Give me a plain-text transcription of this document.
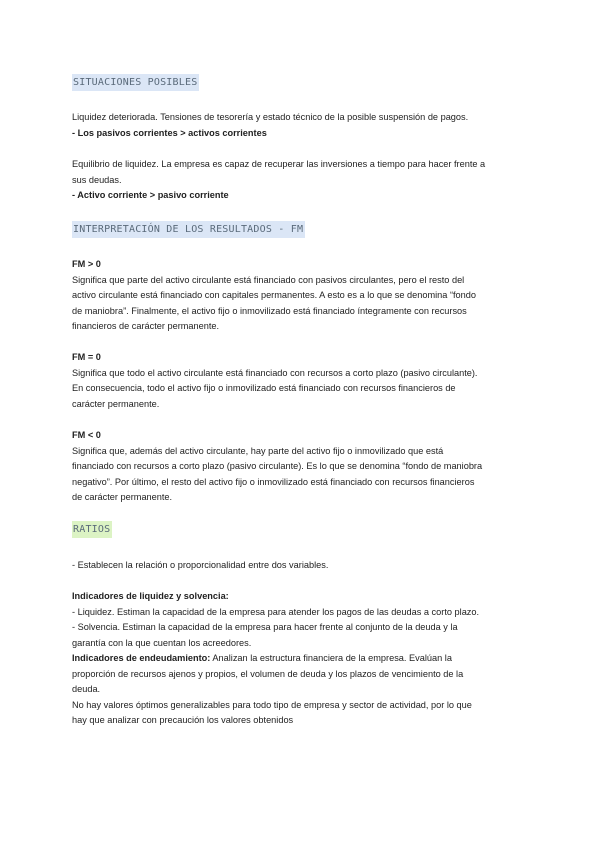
SITUACIONES POSIBLES

Liquidez deteriorada. Tensiones de tesorería y estado técnico de la posible suspensión de pagos.

- Los pasivos corrientes > activos corrientes

Equilibrio de liquidez. La empresa es capaz de recuperar las inversiones a tiempo para hacer frente a

sus deudas.

- Activo corriente > pasivo corriente

INTERPRETACIÓN DE LOS RESULTADOS - FM

FM > 0

Significa que parte del activo circulante está financiado con pasivos circulantes, pero el resto del

activo circulante está financiado con capitales permanentes. A esto es a lo que se denomina “fondo

de maniobra”. Finalmente, el activo fijo o inmovilizado está financiado íntegramente con recursos

financieros de carácter permanente.

FM = 0

Significa que todo el activo circulante está financiado con recursos a corto plazo (pasivo circulante).

En consecuencia, todo el activo fijo o inmovilizado está financiado con recursos financieros de

carácter permanente.

FM < 0

Significa que, además del activo circulante, hay parte del activo fijo o inmovilizado que está

financiado con recursos a corto plazo (pasivo circulante). Es lo que se denomina “fondo de maniobra

negativo”. Por último, el resto del activo fijo o inmovilizado está financiado con recursos financieros

de carácter permanente.

RATIOS

- Establecen la relación o proporcionalidad entre dos variables.

Indicadores de liquidez y solvencia:

- Liquidez. Estiman la capacidad de la empresa para atender los pagos de las deudas a corto plazo.

- Solvencia. Estiman la capacidad de la empresa para hacer frente al conjunto de la deuda y la

garantía con la que cuentan los acreedores.

Indicadores de endeudamiento: Analizan la estructura financiera de la empresa. Evalúan la

proporción de recursos ajenos y propios, el volumen de deuda y los plazos de vencimiento de la

deuda.

No hay valores óptimos generalizables para todo tipo de empresa y sector de actividad, por lo que

hay que analizar con precaución los valores obtenidos
